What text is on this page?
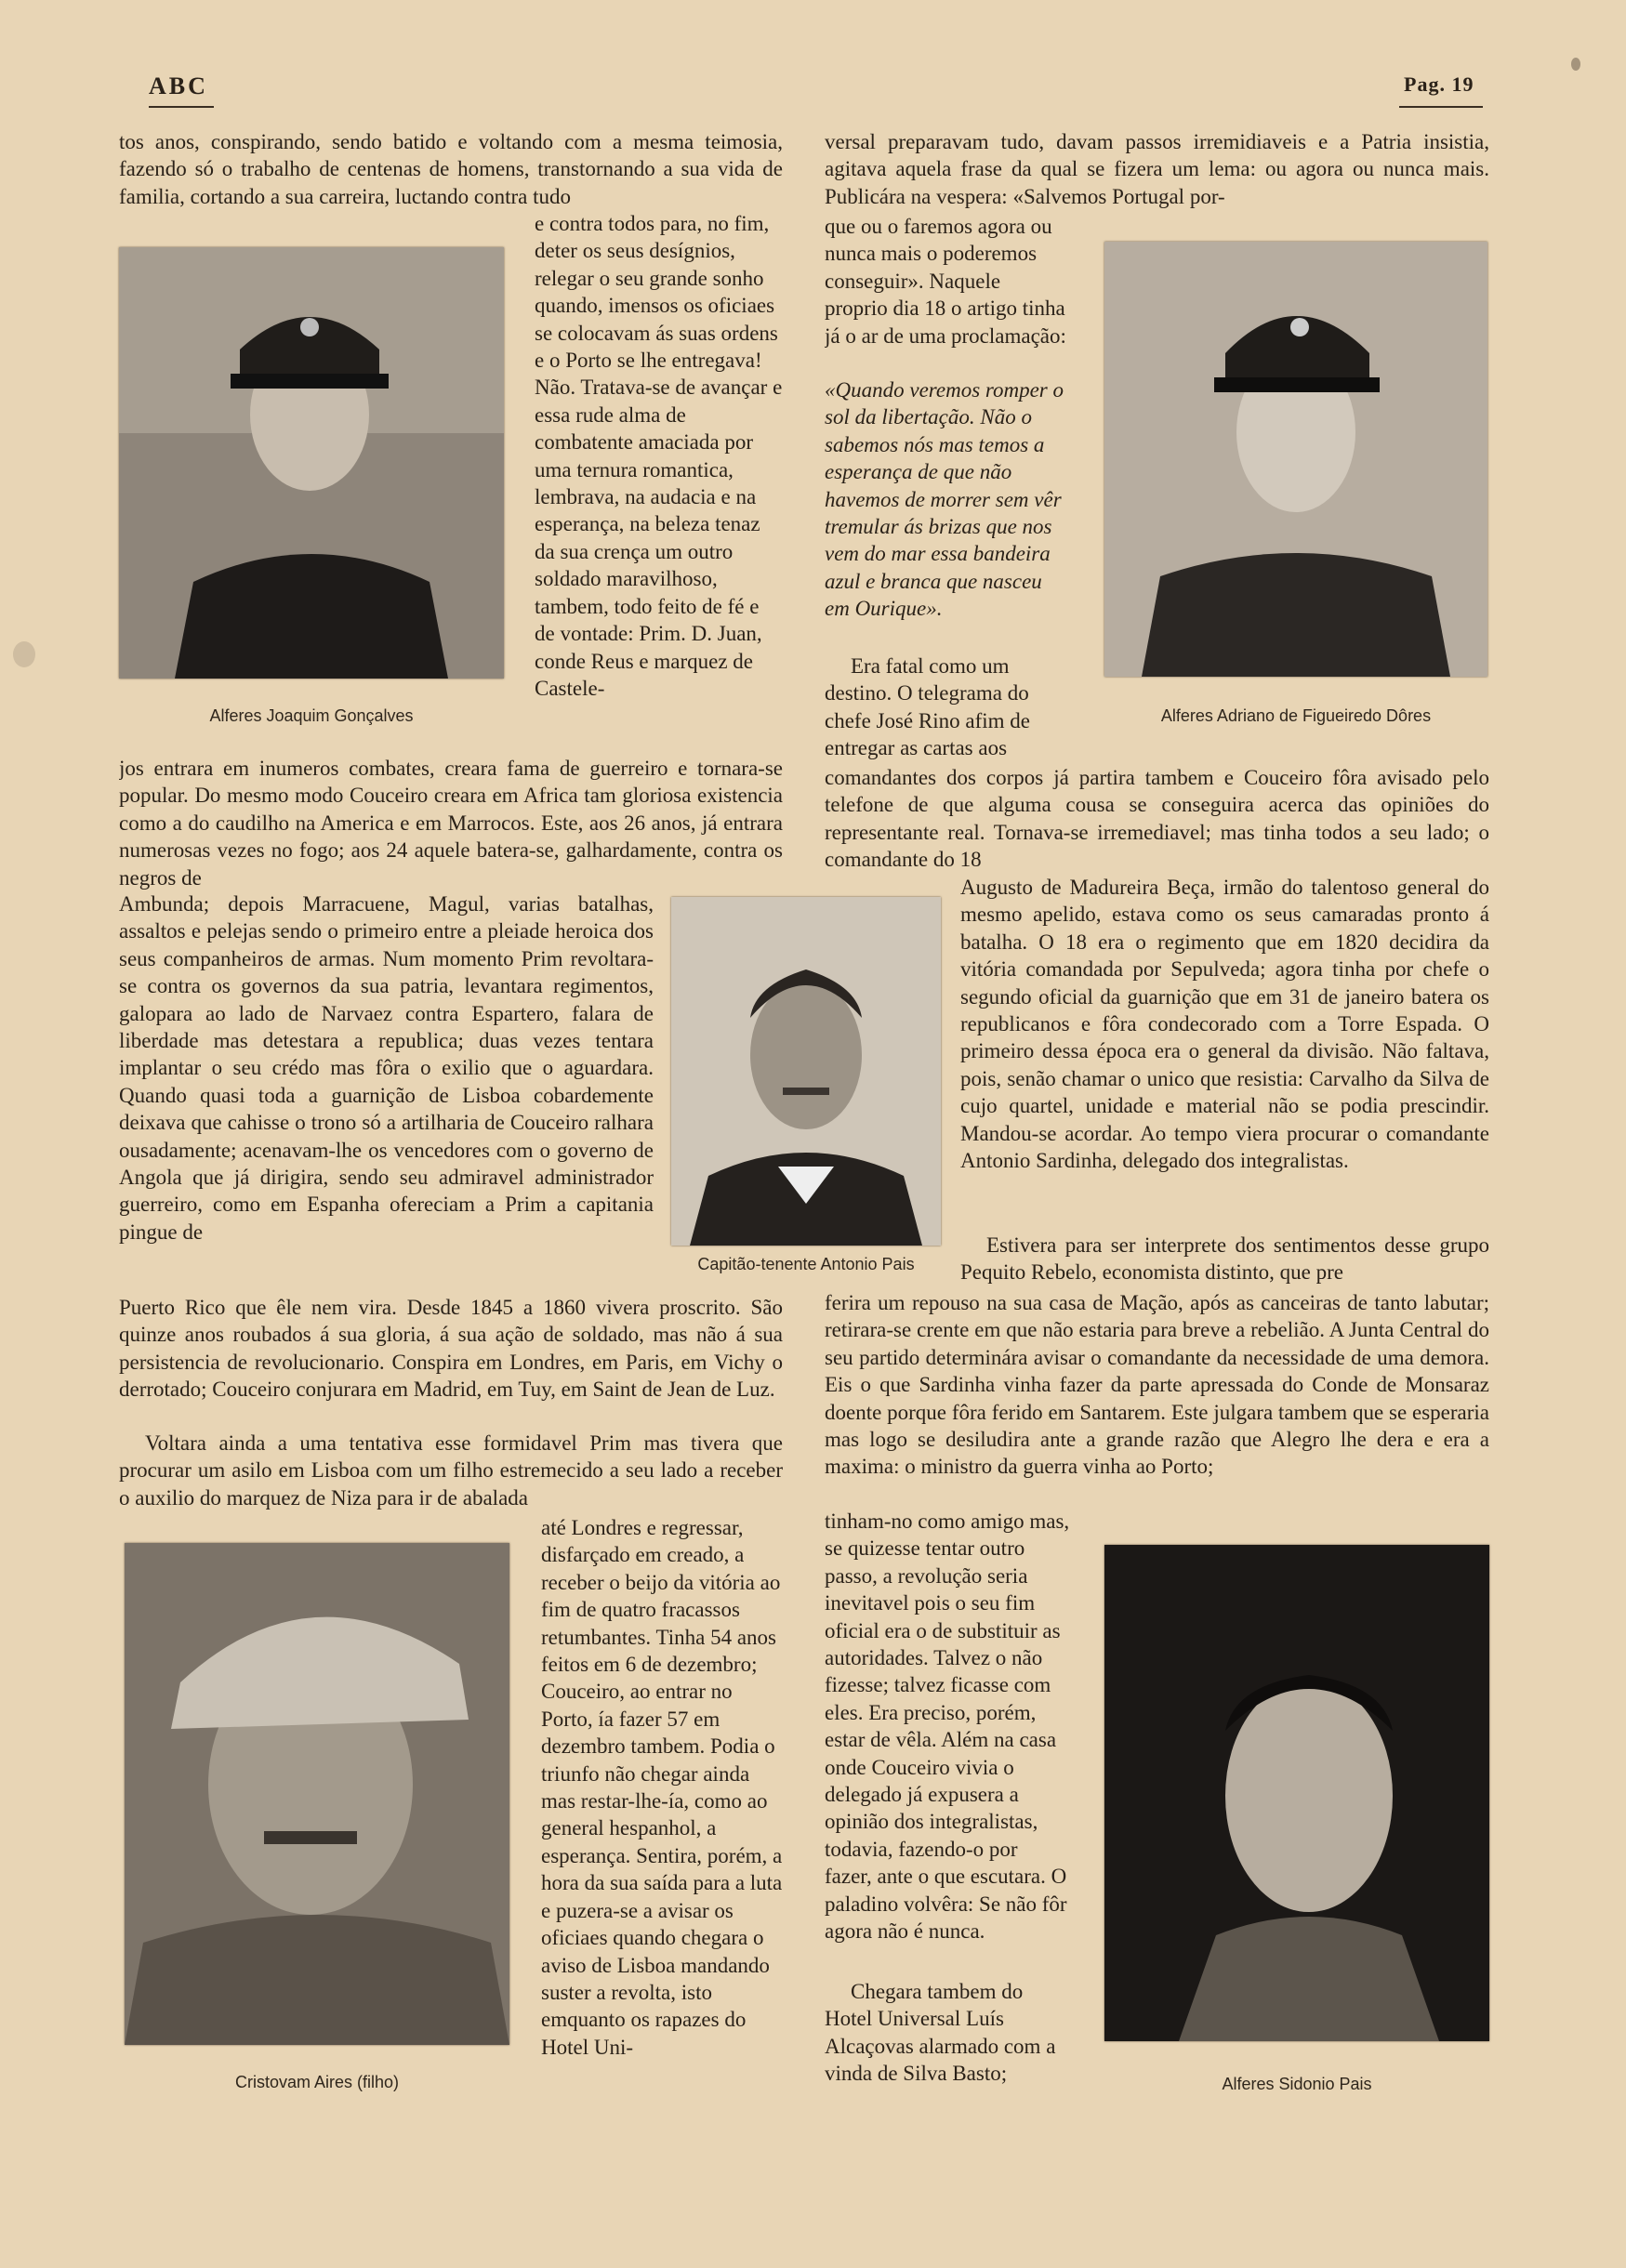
ABC	Pag. 19

tos anos, conspirando, sendo batido e voltando com a mesma teimosia, fazendo só o trabalho de centenas de homens, transtornando a sua vida de familia, cortando a sua carreira, luctando contra tudo

Alferes Joaquim Gonçalves

e contra todos para, no fim, deter os seus desígnios, relegar o seu grande sonho quando, imensos os oficiaes se colocavam ás suas ordens e o Porto se lhe entregava! Não. Tratava-se de avançar e essa rude alma de combatente amaciada por uma ternura romantica, lembrava, na audacia e na esperança, na beleza tenaz da sua crença um outro soldado maravilhoso, tambem, todo feito de fé e de vontade: Prim. D. Juan, conde Reus e marquez de Castele-

jos entrara em inumeros combates, creara fama de guerreiro e tornara-se popular. Do mesmo modo Couceiro creara em Africa tam gloriosa existencia como a do caudilho na America e em Marrocos. Este, aos 26 anos, já entrara numerosas vezes no fogo; aos 24 aquele batera-se, galhardamente, contra os negros de

Ambunda; depois Marracuene, Magul, varias batalhas, assaltos e pelejas sendo o primeiro entre a pleiade heroica dos seus companheiros de armas. Num momento Prim revoltara-se contra os governos da sua patria, levantara regimentos, galopara ao lado de Narvaez contra Espartero, falara de liberdade mas detestara a republica; duas vezes tentara implantar o seu crédo mas fôra o exilio que o aguardara. Quando quasi toda a guarnição de Lisboa cobardemente deixava que cahisse o trono só a artilharia de Couceiro ralhara ousadamente; acenavam-lhe os vencedores com o governo de Angola que já dirigira, sendo seu admiravel administrador guerreiro, como em Espanha ofereciam a Prim a capitania pingue de

Capitão-tenente Antonio Pais

Puerto Rico que êle nem vira. Desde 1845 a 1860 vivera proscrito. São quinze anos roubados á sua gloria, á sua ação de soldado, mas não á sua persistencia de revolucionario. Conspira em Londres, em Paris, em Vichy o derrotado; Couceiro conjurara em Madrid, em Tuy, em Saint de Jean de Luz.

Voltara ainda a uma tentativa esse formidavel Prim mas tivera que procurar um asilo em Lisboa com um filho estremecido a seu lado a receber o auxilio do marquez de Niza para ir de abalada

Cristovam Aires (filho)

até Londres e regressar, disfarçado em creado, a receber o beijo da vitória ao fim de quatro fracassos retumbantes. Tinha 54 anos feitos em 6 de dezembro; Couceiro, ao entrar no Porto, ía fazer 57 em dezembro tambem. Podia o triunfo não chegar ainda mas restar-lhe-ía, como ao general hespanhol, a esperança. Sentira, porém, a hora da sua saída para a luta e puzera-se a avisar os oficiaes quando chegara o aviso de Lisboa mandando suster a revolta, isto emquanto os rapazes do Hotel Uni-

versal preparavam tudo, davam passos irremidiaveis e a Patria insistia, agitava aquela frase da qual se fizera um lema: ou agora ou nunca mais. Publicára na vespera: «Salvemos Portugal por-

que ou o faremos agora ou nunca mais o poderemos conseguir». Naquele proprio dia 18 o artigo tinha já o ar de uma proclamação:

«Quando veremos romper o sol da libertação. Não o sabemos nós mas temos a esperança de que não havemos de morrer sem vêr tremular ás brizas que nos vem do mar essa bandeira azul e branca que nasceu em Ourique».

Era fatal como um destino. O telegrama do chefe José Rino afim de entregar as cartas aos

Alferes Adriano de Figueiredo Dôres

comandantes dos corpos já partira tambem e Couceiro fôra avisado pelo telefone de que alguma cousa se conseguira acerca das opiniões do representante real. Tornava-se irremediavel; mas tinha todos a seu lado; o comandante do 18

Augusto de Madureira Beça, irmão do talentoso general do mesmo apelido, estava como os seus camaradas pronto á batalha. O 18 era o regimento que em 1820 decidira da vitória comandada por Sepulveda; agora tinha por chefe o segundo oficial da guarnição que em 31 de janeiro batera os republicanos e fôra condecorado com a Torre Espada. O primeiro dessa época era o general da divisão. Não faltava, pois, senão chamar o unico que resistia: Carvalho da Silva de cujo quartel, unidade e material não se podia prescindir. Mandou-se acordar. Ao tempo viera procurar o comandante Antonio Sardinha, delegado dos integralistas.

Estivera para ser interprete dos sentimentos desse grupo Pequito Rebelo, economista distinto, que pre

ferira um repouso na sua casa de Mação, após as canceiras de tanto labutar; retirara-se crente em que não estaria para breve a rebelião. A Junta Central do seu partido determinára avisar o comandante da necessidade de uma demora. Eis o que Sardinha vinha fazer da parte apressada do Conde de Monsaraz doente porque fôra ferido em Santarem. Este julgara tambem que se esperaria mas logo se desiludira ante a grande razão que Alegro lhe dera e era a maxima: o ministro da guerra vinha ao Porto;

tinham-no como amigo mas, se quizesse tentar outro passo, a revolução seria inevitavel pois o seu fim oficial era o de substituir as autoridades. Talvez o não fizesse; talvez ficasse com eles. Era preciso, porém, estar de vêla. Além na casa onde Couceiro vivia o delegado já expusera a opinião dos integralistas, todavia, fazendo-o por fazer, ante o que escutara. O paladino volvêra: Se não fôr agora não é nunca.

Chegara tambem do Hotel Universal Luís Alcaçovas alarmado com a vinda de Silva Basto;	Alferes Sidonio Pais
